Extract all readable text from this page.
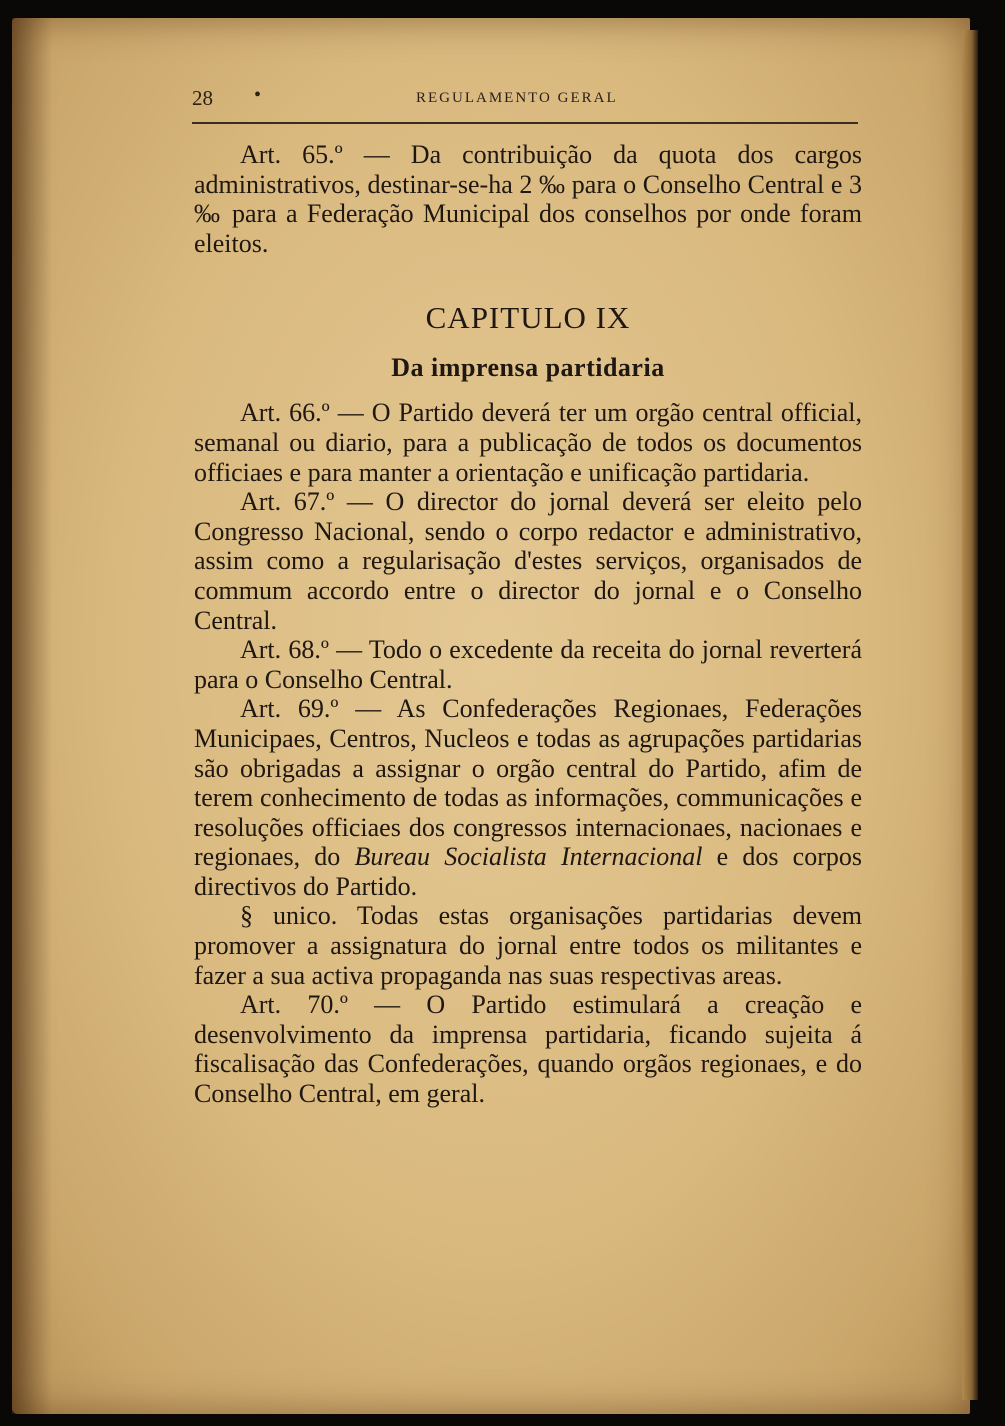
28 •	REGULAMENTO GERAL

Art. 65.º — Da contribuição da quota dos cargos administrativos, destinar-se-ha 2 ‰ para o Conselho Central e 3 ‰ para a Federação Municipal dos conselhos por onde foram eleitos.

CAPITULO IX
Da imprensa partidaria

Art. 66.º — O Partido deverá ter um orgão central official, semanal ou diario, para a publicação de todos os documentos officiaes e para manter a orientação e unificação partidaria.

Art. 67.º — O director do jornal deverá ser eleito pelo Congresso Nacional, sendo o corpo redactor e administrativo, assim como a regularisação d'estes serviços, organisados de commum accordo entre o director do jornal e o Conselho Central.

Art. 68.º — Todo o excedente da receita do jornal reverterá para o Conselho Central.

Art. 69.º — As Confederações Regionaes, Federações Municipaes, Centros, Nucleos e todas as agrupações partidarias são obrigadas a assignar o orgão central do Partido, afim de terem conhecimento de todas as informações, communicações e resoluções officiaes dos congressos internacionaes, nacionaes e regionaes, do Bureau Socialista Internacional e dos corpos directivos do Partido.

§ unico. Todas estas organisações partidarias devem promover a assignatura do jornal entre todos os militantes e fazer a sua activa propaganda nas suas respectivas areas.

Art. 70.º — O Partido estimulará a creação e desenvolvimento da imprensa partidaria, ficando sujeita á fiscalisação das Confederações, quando orgãos regionaes, e do Conselho Central, em geral.
